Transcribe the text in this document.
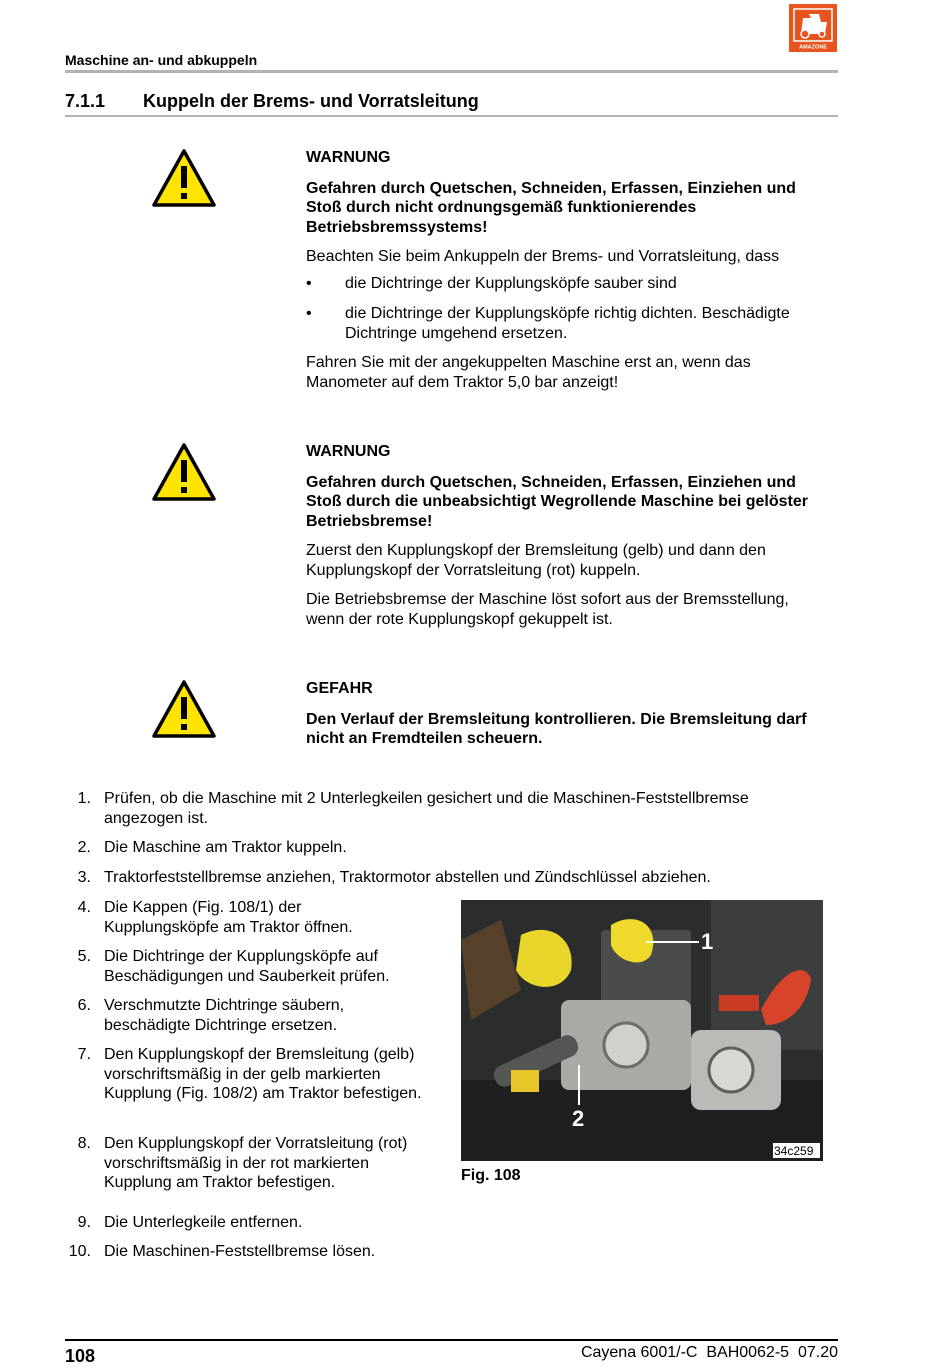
Maschine an- und abkuppeln
AMAZONE
7.1.1 Kuppeln der Brems- und Vorratsleitung

WARNUNG

Gefahren durch Quetschen, Schneiden, Erfassen, Einziehen und Stoß durch nicht ordnungsgemäß funktionierendes Betriebsbremssystems!

Beachten Sie beim Ankuppeln der Brems- und Vorratsleitung, dass

• die Dichtringe der Kupplungsköpfe sauber sind
• die Dichtringe der Kupplungsköpfe richtig dichten. Beschädigte Dichtringe umgehend ersetzen.

Fahren Sie mit der angekuppelten Maschine erst an, wenn das Manometer auf dem Traktor 5,0 bar anzeigt!

WARNUNG

Gefahren durch Quetschen, Schneiden, Erfassen, Einziehen und Stoß durch die unbeabsichtigt Wegrollende Maschine bei gelöster Betriebsbremse!

Zuerst den Kupplungskopf der Bremsleitung (gelb) und dann den Kupplungskopf der Vorratsleitung (rot) kuppeln.

Die Betriebsbremse der Maschine löst sofort aus der Bremsstellung, wenn der rote Kupplungskopf gekuppelt ist.

GEFAHR

Den Verlauf der Bremsleitung kontrollieren. Die Bremsleitung darf nicht an Fremdteilen scheuern.

1. Prüfen, ob die Maschine mit 2 Unterlegkeilen gesichert und die Maschinen-Feststellbremse angezogen ist.
2. Die Maschine am Traktor kuppeln.
3. Traktorfeststellbremse anziehen, Traktormotor abstellen und Zündschlüssel abziehen.
4. Die Kappen (Fig. 108/1) der Kupplungsköpfe am Traktor öffnen.
5. Die Dichtringe der Kupplungsköpfe auf Beschädigungen und Sauberkeit prüfen.
6. Verschmutzte Dichtringe säubern, beschädigte Dichtringe ersetzen.
7. Den Kupplungskopf der Bremsleitung (gelb) vorschriftsmäßig in der gelb markierten Kupplung (Fig. 108/2) am Traktor befestigen.
8. Den Kupplungskopf der Vorratsleitung (rot) vorschriftsmäßig in der rot markierten Kupplung am Traktor befestigen.
9. Die Unterlegkeile entfernen.
10. Die Maschinen-Feststellbremse lösen.
1
2
34c259
Fig. 108
108	Cayena 6001/-C  BAH0062-5  07.20
